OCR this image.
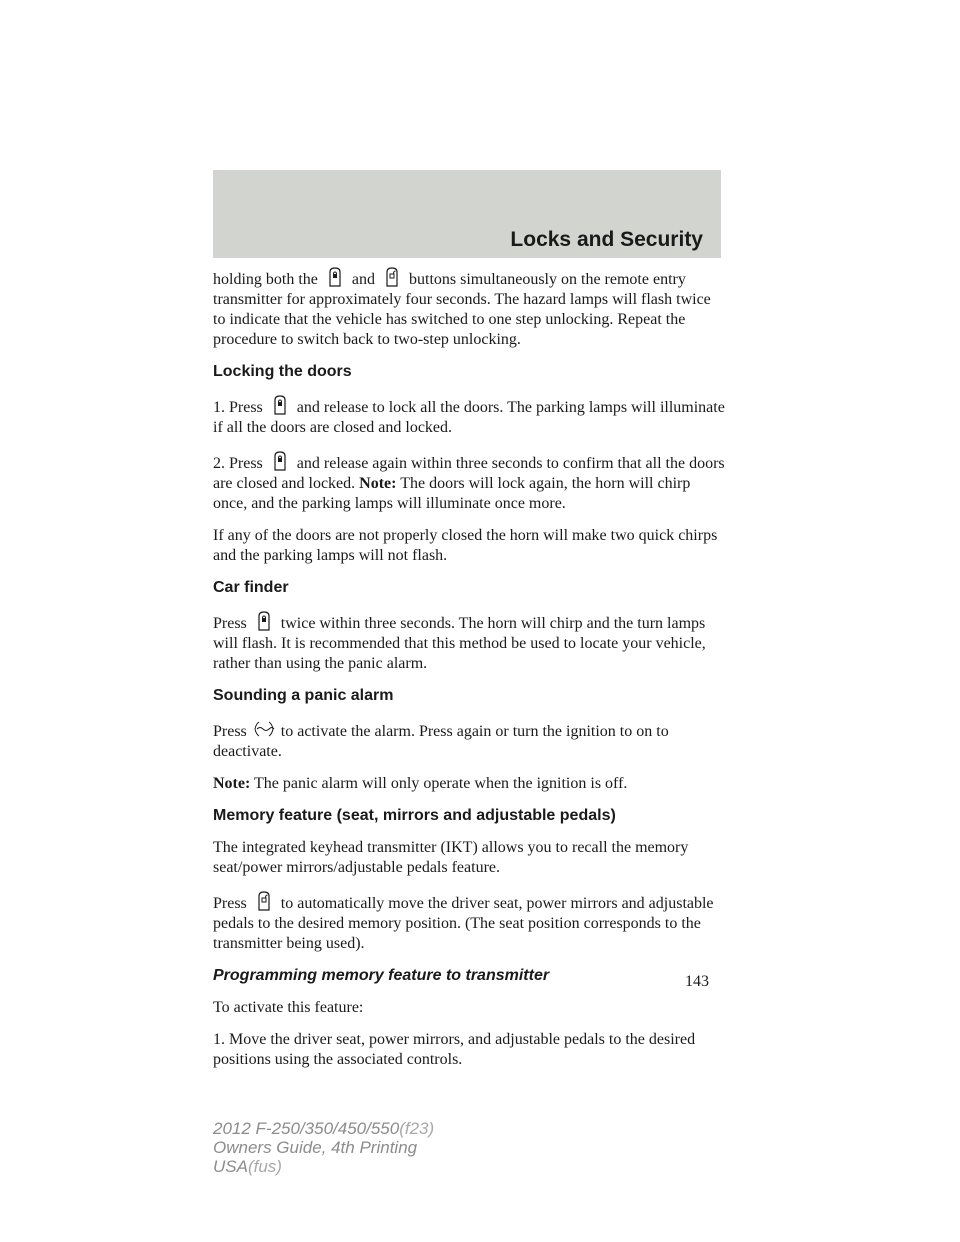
Locks and Security

holding both the and buttons simultaneously on the remote entry transmitter for approximately four seconds. The hazard lamps will flash twice to indicate that the vehicle has switched to one step unlocking. Repeat the procedure to switch back to two-step unlocking.

Locking the doors

1. Press and release to lock all the doors. The parking lamps will illuminate if all the doors are closed and locked.

2. Press and release again within three seconds to confirm that all the doors are closed and locked. Note: The doors will lock again, the horn will chirp once, and the parking lamps will illuminate once more.

If any of the doors are not properly closed the horn will make two quick chirps and the parking lamps will not flash.

Car finder

Press twice within three seconds. The horn will chirp and the turn lamps will flash. It is recommended that this method be used to locate your vehicle, rather than using the panic alarm.

Sounding a panic alarm

Press to activate the alarm. Press again or turn the ignition to on to deactivate.

Note: The panic alarm will only operate when the ignition is off.

Memory feature (seat, mirrors and adjustable pedals)

The integrated keyhead transmitter (IKT) allows you to recall the memory seat/power mirrors/adjustable pedals feature.

Press to automatically move the driver seat, power mirrors and adjustable pedals to the desired memory position. (The seat position corresponds to the transmitter being used).

Programming memory feature to transmitter

To activate this feature:

1. Move the driver seat, power mirrors, and adjustable pedals to the desired positions using the associated controls.

143
2012 F-250/350/450/550(f23)
Owners Guide, 4th Printing
USA(fus)
